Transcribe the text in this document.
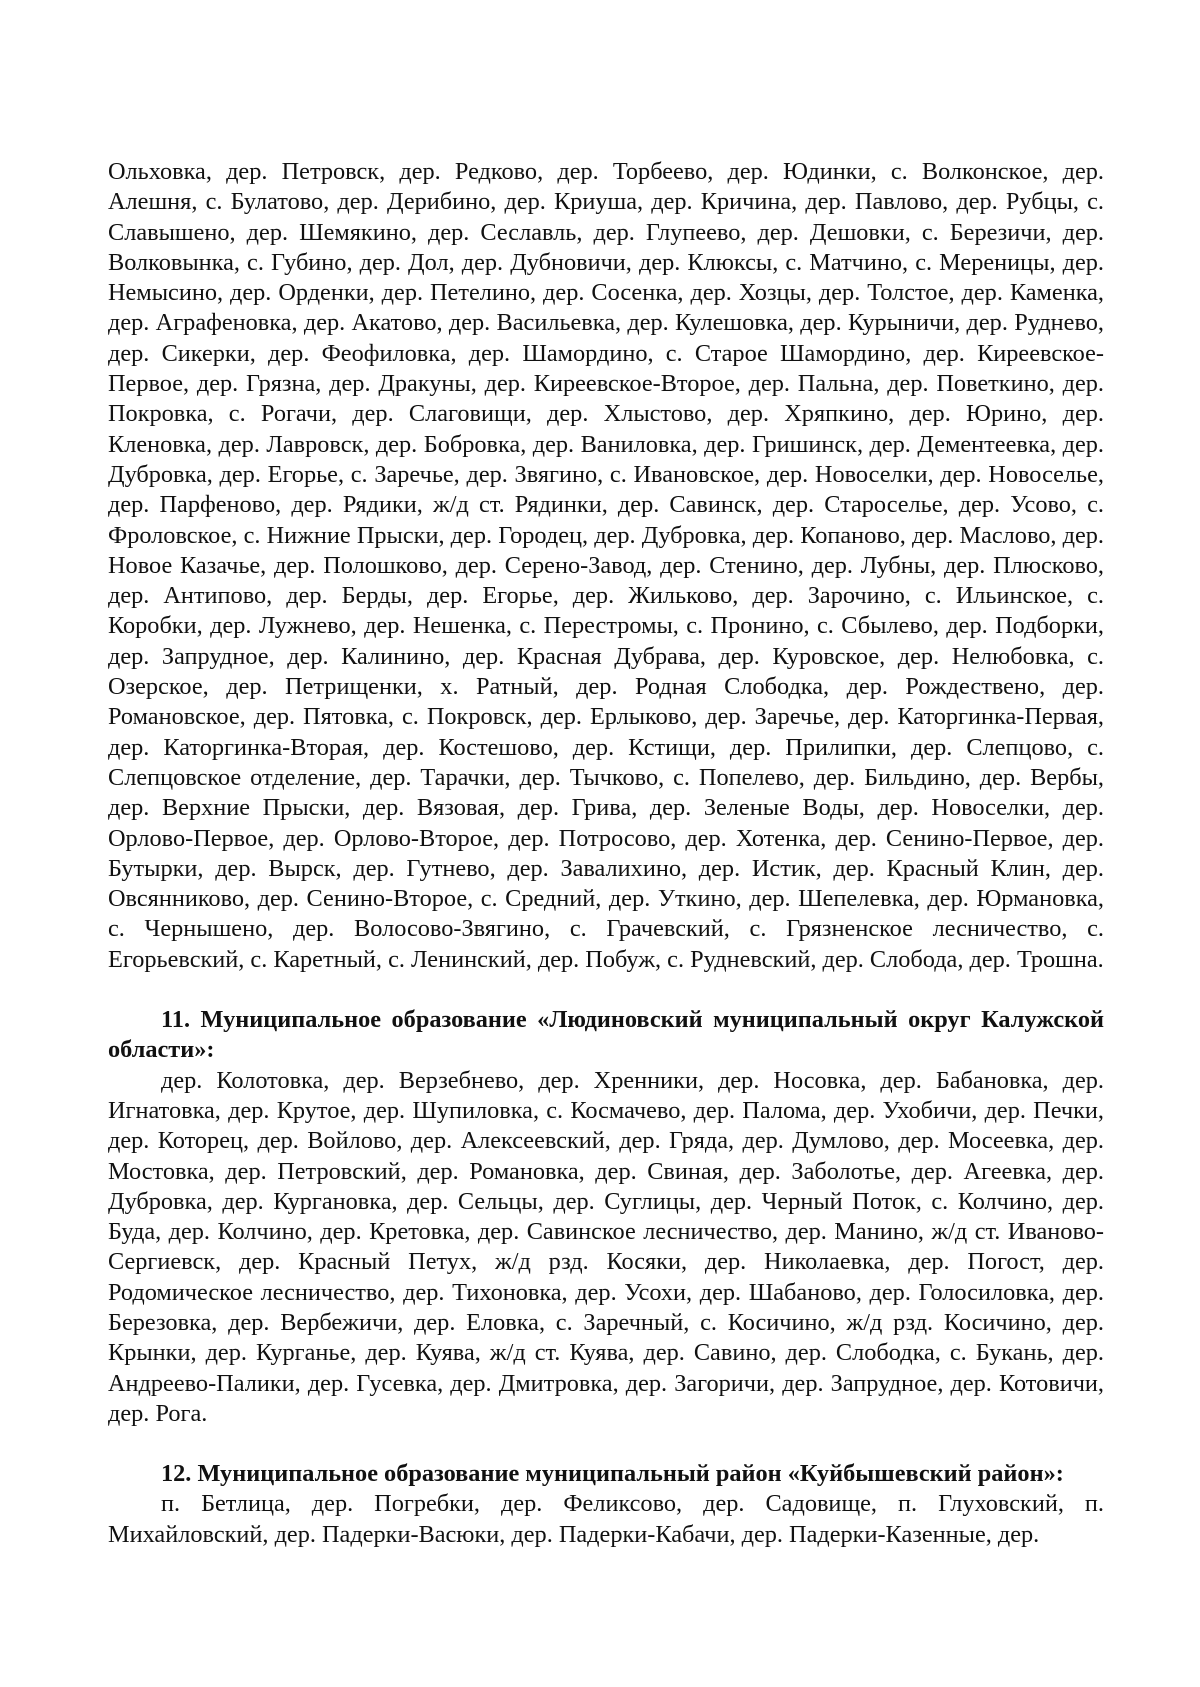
Ольховка, дер. Петровск, дер. Редково, дер. Торбеево, дер. Юдинки, с. Волконское, дер. Алешня, с. Булатово, дер. Дерибино, дер. Криуша, дер. Кричина, дер. Павлово, дер. Рубцы, с. Славышено, дер. Шемякино, дер. Сеславль, дер. Глупеево, дер. Дешовки, с. Березичи, дер. Волковынка, с. Губино, дер. Дол, дер. Дубновичи, дер. Клюксы, с. Матчино, с. Мереницы, дер. Немысино, дер. Орденки, дер. Петелино, дер. Сосенка, дер. Хозцы, дер. Толстое, дер. Каменка, дер. Аграфеновка, дер. Акатово, дер. Васильевка, дер. Кулешовка, дер. Курыничи, дер. Руднево, дер. Сикерки, дер. Феофиловка, дер. Шамордино, с. Старое Шамордино, дер. Киреевское-Первое, дер. Грязна, дер. Дракуны, дер. Киреевское-Второе, дер. Пальна, дер. Поветкино, дер. Покровка, с. Рогачи, дер. Слаговищи, дер. Хлыстово, дер. Хряпкино, дер. Юрино, дер. Кленовка, дер. Лавровск, дер. Бобровка, дер. Ваниловка, дер. Гришинск, дер. Дементеевка, дер. Дубровка, дер. Егорье, с. Заречье, дер. Звягино, с. Ивановское, дер. Новоселки, дер. Новоселье, дер. Парфеново, дер. Рядики, ж/д ст. Рядинки, дер. Савинск, дер. Староселье, дер. Усово, с. Фроловское, с. Нижние Прыски, дер. Городец, дер. Дубровка, дер. Копаново, дер. Маслово, дер. Новое Казачье, дер. Полошково, дер. Серено-Завод, дер. Стенино, дер. Лубны, дер. Плюсково, дер. Антипово, дер. Берды, дер. Егорье, дер. Жильково, дер. Зарочино, с. Ильинское, с. Коробки, дер. Лужнево, дер. Нешенка, с. Перестромы, с. Пронино, с. Сбылево, дер. Подборки, дер. Запрудное, дер. Калинино, дер. Красная Дубрава, дер. Куровское, дер. Нелюбовка, с. Озерское, дер. Петрищенки, х. Ратный, дер. Родная Слободка, дер. Рождествено, дер. Романовское, дер. Пятовка, с. Покровск, дер. Ерлыково, дер. Заречье, дер. Каторгинка-Первая, дер. Каторгинка-Вторая, дер. Костешово, дер. Кстищи, дер. Прилипки, дер. Слепцово, с. Слепцовское отделение, дер. Тарачки, дер. Тычково, с. Попелево, дер. Бильдино, дер. Вербы, дер. Верхние Прыски, дер. Вязовая, дер. Грива, дер. Зеленые Воды, дер. Новоселки, дер. Орлово-Первое, дер. Орлово-Второе, дер. Потросово, дер. Хотенка, дер. Сенино-Первое, дер. Бутырки, дер. Вырск, дер. Гутнево, дер. Завалихино, дер. Истик, дер. Красный Клин, дер. Овсянниково, дер. Сенино-Второе, с. Средний, дер. Уткино, дер. Шепелевка, дер. Юрмановка, с. Чернышено, дер. Волосово-Звягино, с. Грачевский, с. Грязненское лесничество, с. Егорьевский, с. Каретный, с. Ленинский, дер. Побуж, с. Рудневский, дер. Слобода, дер. Трошна.

11. Муниципальное образование «Людиновский муниципальный округ Калужской области»:

дер. Колотовка, дер. Верзебнево, дер. Хренники, дер. Носовка, дер. Бабановка, дер. Игнатовка, дер. Крутое, дер. Шупиловка, с. Космачево, дер. Палома, дер. Ухобичи, дер. Печки, дер. Которец, дер. Войлово, дер. Алексеевский, дер. Гряда, дер. Думлово, дер. Мосеевка, дер. Мостовка, дер. Петровский, дер. Романовка, дер. Свиная, дер. Заболотье, дер. Агеевка, дер. Дубровка, дер. Кургановка, дер. Сельцы, дер. Суглицы, дер. Черный Поток, с. Колчино, дер. Буда, дер. Колчино, дер. Кретовка, дер. Савинское лесничество, дер. Манино, ж/д ст. Иваново-Сергиевск, дер. Красный Петух, ж/д рзд. Косяки, дер. Николаевка, дер. Погост, дер. Родомическое лесничество, дер. Тихоновка, дер. Усохи, дер. Шабаново, дер. Голосиловка, дер. Березовка, дер. Вербежичи, дер. Еловка, с. Заречный, с. Косичино, ж/д рзд. Косичино, дер. Крынки, дер. Курганье, дер. Куява, ж/д ст. Куява, дер. Савино, дер. Слободка, с. Букань, дер. Андреево-Палики, дер. Гусевка, дер. Дмитровка, дер. Загоричи, дер. Запрудное, дер. Котовичи, дер. Рога.

12. Муниципальное образование муниципальный район «Куйбышевский район»:

п. Бетлица, дер. Погребки, дер. Феликсово, дер. Садовище, п. Глуховский, п. Михайловский, дер. Падерки-Васюки, дер. Падерки-Кабачи, дер. Падерки-Казенные, дер.
